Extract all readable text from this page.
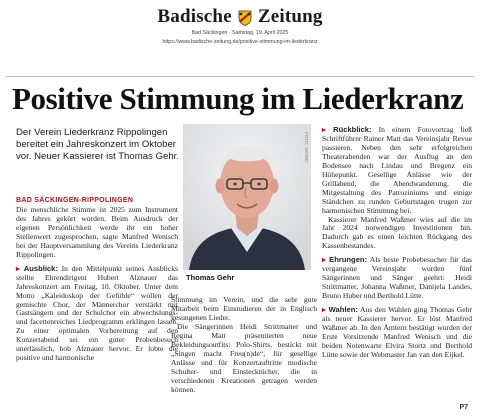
Badische Zeitung
Bad Säckingen · Samstag, 19. April 2025
https://www.badische-zeitung.de/positive-stimmung-im-liederkranz
Positive Stimmung im Liederkranz

Der Verein Liederkranz Rippolingen bereitet ein Jahreskonzert im Oktober vor. Neuer Kassierer ist Thomas Gehr.	FOTO: SIGRID
Thomas Gehr
BAD SÄCKINGEN-RIPPOLINGEN

Die menschliche Stimme ist 2025 zum Instrument des Jahres gekürt worden. Beim Ausdruck der eigenen Persönlichkeit werde ihr ein hoher Stellenwert zugesprochen, sagte Manfred Wenisch bei der Hauptversammlung des Vereins Liederkranz Rippolingen.

▸ Ausblick: In den Mittelpunkt seines Ausblicks stellte Ehrendirigent Hubert Alznauer das Jahreskonzert am Freitag, 10. Oktober. Unter dem Motto „Kaleidoskop der Gefühle“ wollen der gemischte Chor, der Männerchor verstärkt mit Gastsängern und der Schulchor ein abwechslungs- und facettenreiches Liedprogramm erklingen lassen. Zu einer optimalen Vorbereitung auf den Konzertabend sei ein guter Probenbesuch unerlässlich, hob Alznauer hervor. Er lobte die positive und harmonische

Stimmung im Verein, und die sehr gute Mitarbeit beim Einstudieren der in Englisch gesungenen Lieder.

Die Sängerinnen Heidi Strittmatter und Regina Matt präsentierten neue Bekleidungsoutfits: Polo-Shirts, bestickt mit „Singen macht Freu(n)de“, für gesellige Anlässe und für Konzertauftritte modische Schulter- und Einstecktücher, die in verschiedenen Kreationen getragen werden können.

▸ Rückblick: In einem Fotovortrag ließ Schriftführer Rainer Matt das Vereinsjahr Revue passieren. Neben den sehr erfolgreichen Theaterabenden war der Ausflug an den Bodensee nach Lindau und Bregenz ein Höhepunkt. Gesellige Anlässe wie der Grillabend, die Abendwanderung, die Mitgestaltung des Patroziniums und einige Ständchen zu runden Geburtstagen trugen zur harmonischen Stimmung bei.

Kassierer Manfred Waßmer wies auf die im Jahr 2024 notwendigen Investitionen hin. Dadurch gab es einen leichten Rückgang des Kassenbestandes.

▸ Ehrungen: Als beste Probebesucher für das vergangene Vereinsjahr wurden fünf Sängerinnen und Sänger geehrt: Heidi Strittmatter, Johanna Waßmer, Danijela Landes, Bruno Huber und Berthold Lütte.

▸ Wahlen: Aus den Wahlen ging Thomas Gehr als neuer Kassierer hervor. Er löst Manfred Waßmer ab. In den Ämtern bestätigt wurden der Erste Vorsitzende Manfred Wenisch und die beiden Notenwarte Elvira Stortz und Berthold Lütte sowie der Webmaster Jan van den Eijkel.

P7
